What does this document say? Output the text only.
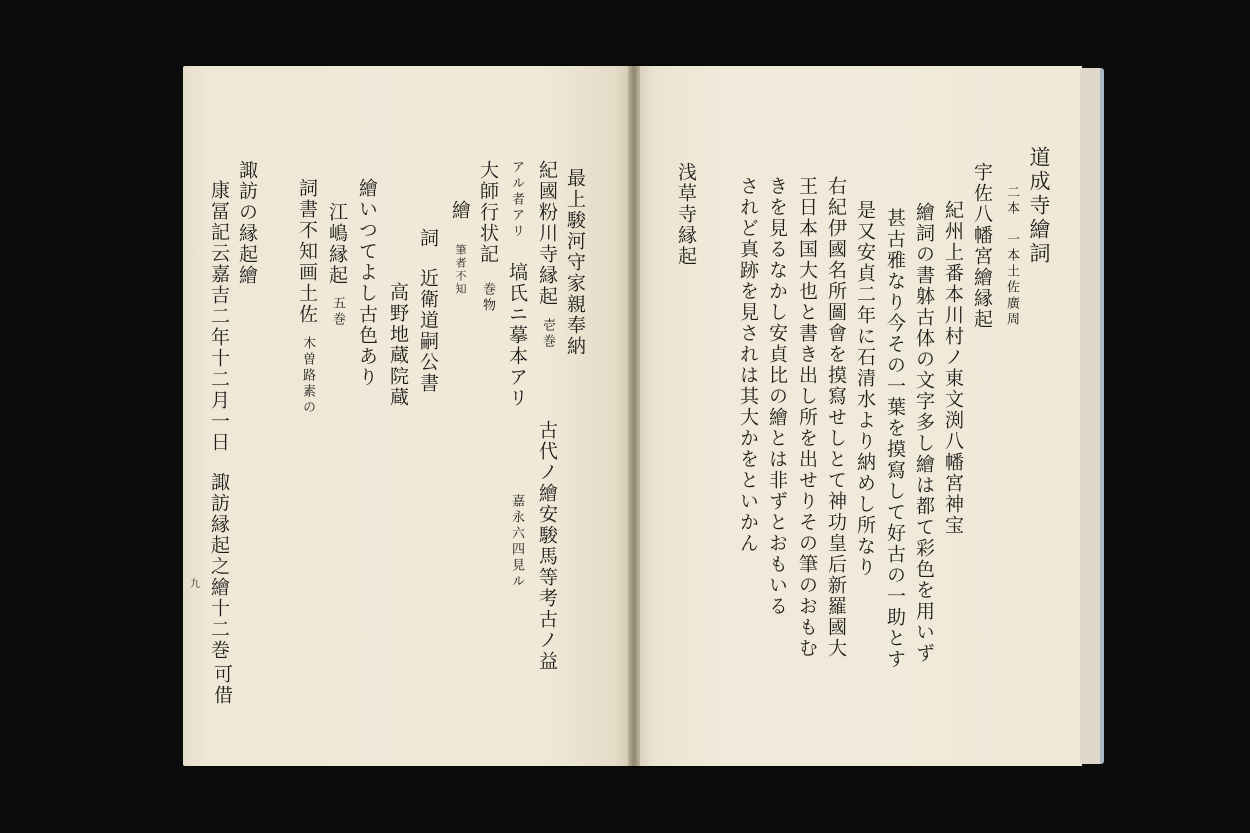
最上駿河守家親奉納
紀國粉川寺縁起
壱巻
古代ノ繪安駿馬等考古ノ益
アル者アリ
塙氏ニ摹本アリ
嘉永六四見ル
大師行状記
巻物
繪
筆者不知
詞
近衛道嗣公書
高野地蔵院蔵
繪いつてよし古色あり
江嶋縁起
五巻
詞書不知画土佐
木曽路素の
諏訪の縁起繪
康冨記云嘉吉二年十二月一日
諏訪縁起之繪十二巻
可借
九
道成寺繪詞
二本
一本土佐廣周
宇佐八幡宮繪縁起
紀州上番本川村ノ東文渕八幡宮神宝
繪詞の書躰古体の文字多し繪は都て彩色を用いず
甚古雅なり今その一葉を摸寫して好古の一助とす
是又安貞二年に石清水より納めし所なり
右紀伊國名所圖會を摸寫せしとて神功皇后新羅國大
王日本国大也と書き出し所を出せりその筆のおもむ
きを見るなかし安貞比の繪とは非ずとおもいる
されど真跡を見されは其大かをといかん
浅草寺縁起
